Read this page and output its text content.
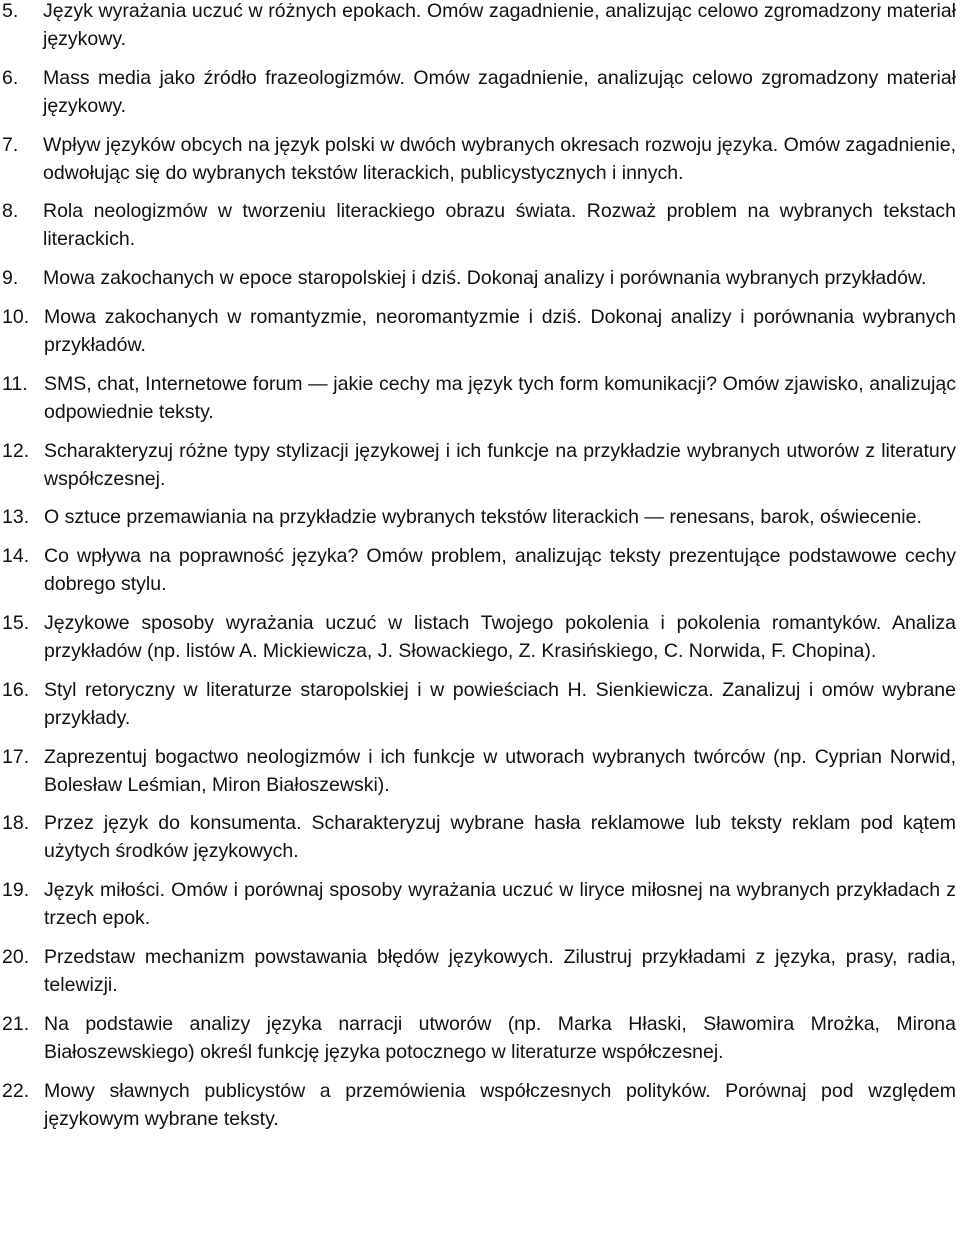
5.	Język wyrażania uczuć w różnych epokach. Omów zagadnienie, analizując celowo zgromadzony materiał językowy.
6.	Mass media jako źródło frazeologizmów. Omów zagadnienie, analizując celowo zgromadzony materiał językowy.
7.	Wpływ języków obcych na język polski w dwóch wybranych okresach rozwoju języka. Omów zagadnienie, odwołując się do wybranych tekstów literackich, publicystycznych i innych.
8.	Rola neologizmów w tworzeniu literackiego obrazu świata. Rozważ problem na wybranych tekstach literackich.
9.	Mowa zakochanych w epoce staropolskiej i dziś. Dokonaj analizy i porównania wybranych przykładów.
10. Mowa zakochanych w romantyzmie, neoromantyzmie i dziś. Dokonaj analizy i porównania wybranych przykładów.
11. SMS, chat, Internetowe forum — jakie cechy ma język tych form komunikacji? Omów zjawisko, analizując odpowiednie teksty.
12. Scharakteryzuj różne typy stylizacji językowej i ich funkcje na przykładzie wybranych utworów z literatury współczesnej.
13. O sztuce przemawiania na przykładzie wybranych tekstów literackich — renesans, barok, oświecenie.
14. Co wpływa na poprawność języka? Omów problem, analizując teksty prezentujące podstawowe cechy dobrego stylu.
15. Językowe sposoby wyrażania uczuć w listach Twojego pokolenia i pokolenia romantyków. Analiza przykładów (np. listów A. Mickiewicza, J. Słowackiego, Z. Krasińskiego, C. Norwida, F. Chopina).
16. Styl retoryczny w literaturze staropolskiej i w powieściach H. Sienkiewicza. Zanalizuj i omów wybrane przykłady.
17. Zaprezentuj bogactwo neologizmów i ich funkcje w utworach wybranych twórców (np. Cyprian Norwid, Bolesław Leśmian, Miron Białoszewski).
18. Przez język do konsumenta. Scharakteryzuj wybrane hasła reklamowe lub teksty reklam pod kątem użytych środków językowych.
19. Język miłości. Omów i porównaj sposoby wyrażania uczuć w liryce miłosnej na wybranych przykładach z trzech epok.
20. Przedstaw mechanizm powstawania błędów językowych. Zilustruj przykładami z języka, prasy, radia, telewizji.
21. Na podstawie analizy języka narracji utworów (np. Marka Hłaski, Sławomira Mrożka, Mirona Białoszewskiego) określ funkcję języka potocznego w literaturze współczesnej.
22. Mowy sławnych publicystów a przemówienia współczesnych polityków. Porównaj pod względem językowym wybrane teksty.
